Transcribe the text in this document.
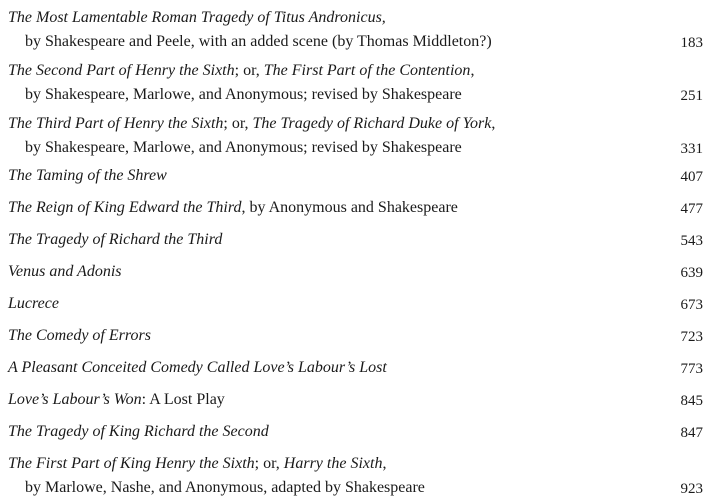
The Most Lamentable Roman Tragedy of Titus Andronicus,
by Shakespeare and Peele, with an added scene (by Thomas Middleton?)	183
The Second Part of Henry the Sixth; or, The First Part of the Contention,
by Shakespeare, Marlowe, and Anonymous; revised by Shakespeare	251
The Third Part of Henry the Sixth; or, The Tragedy of Richard Duke of York,
by Shakespeare, Marlowe, and Anonymous; revised by Shakespeare	331
The Taming of the Shrew	407
The Reign of King Edward the Third, by Anonymous and Shakespeare	477
The Tragedy of Richard the Third	543
Venus and Adonis	639
Lucrece	673
The Comedy of Errors	723
A Pleasant Conceited Comedy Called Love’s Labour’s Lost	773
Love’s Labour’s Won: A Lost Play	845
The Tragedy of King Richard the Second	847
The First Part of King Henry the Sixth; or, Harry the Sixth,
by Marlowe, Nashe, and Anonymous, adapted by Shakespeare	923
